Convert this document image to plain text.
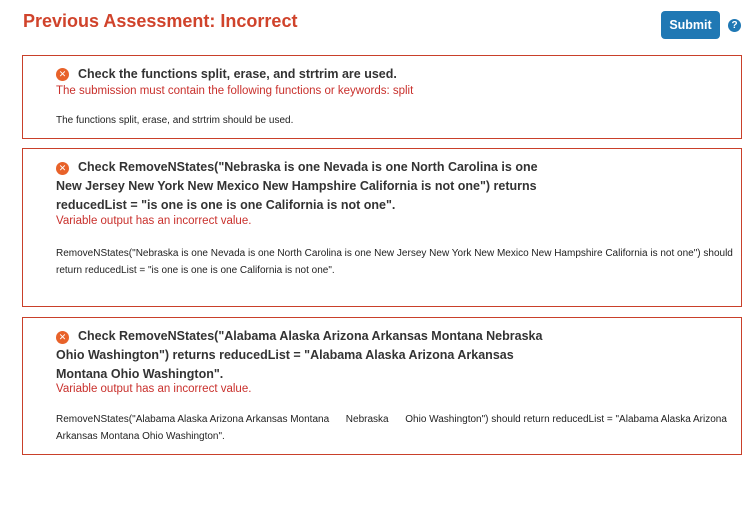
Previous Assessment: Incorrect	Submit	?
✕ Check the functions split, erase, and strtrim are used.
The submission must contain the following functions or keywords: split
The functions split, erase, and strtrim should be used.
✕ Check RemoveNStates("Nebraska is one Nevada is one North Carolina is one New Jersey New York New Mexico New Hampshire California is not one") returns reducedList = "is one is one is one California is not one".
Variable output has an incorrect value.
RemoveNStates("Nebraska is one Nevada is one North Carolina is one New Jersey New York New Mexico New Hampshire California is not one") should return reducedList = "is one is one is one California is not one".
✕ Check RemoveNStates("Alabama Alaska Arizona Arkansas Montana Nebraska Ohio Washington") returns reducedList = "Alabama Alaska Arizona Arkansas Montana Ohio Washington".
Variable output has an incorrect value.
RemoveNStates("Alabama Alaska Arizona Arkansas Montana      Nebraska      Ohio Washington") should return reducedList = "Alabama Alaska Arizona Arkansas Montana Ohio Washington".
